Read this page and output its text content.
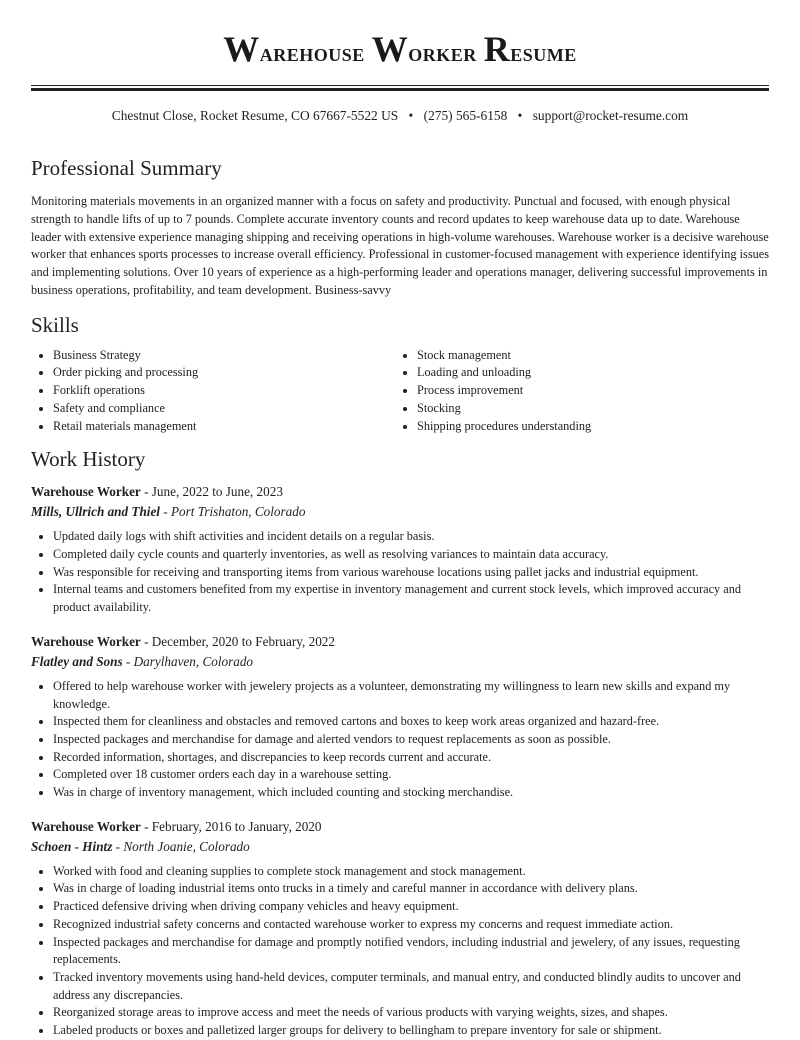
Warehouse Worker Resume
Chestnut Close, Rocket Resume, CO 67667-5522 US • (275) 565-6158 • support@rocket-resume.com
Professional Summary
Monitoring materials movements in an organized manner with a focus on safety and productivity. Punctual and focused, with enough physical strength to handle lifts of up to 7 pounds. Complete accurate inventory counts and record updates to keep warehouse data up to date. Warehouse leader with extensive experience managing shipping and receiving operations in high-volume warehouses. Warehouse worker is a decisive warehouse worker that enhances sports processes to increase overall efficiency. Professional in customer-focused management with experience identifying issues and implementing solutions. Over 10 years of experience as a high-performing leader and operations manager, delivering successful improvements in business operations, profitability, and team development. Business-savvy
Skills
• Business Strategy
• Order picking and processing
• Forklift operations
• Safety and compliance
• Retail materials management
• Stock management
• Loading and unloading
• Process improvement
• Stocking
• Shipping procedures understanding
Work History
Warehouse Worker - June, 2022 to June, 2023
Mills, Ullrich and Thiel - Port Trishaton, Colorado
• Updated daily logs with shift activities and incident details on a regular basis.
• Completed daily cycle counts and quarterly inventories, as well as resolving variances to maintain data accuracy.
• Was responsible for receiving and transporting items from various warehouse locations using pallet jacks and industrial equipment.
• Internal teams and customers benefited from my expertise in inventory management and current stock levels, which improved accuracy and product availability.
Warehouse Worker - December, 2020 to February, 2022
Flatley and Sons - Darylhaven, Colorado
• Offered to help warehouse worker with jewelery projects as a volunteer, demonstrating my willingness to learn new skills and expand my knowledge.
• Inspected them for cleanliness and obstacles and removed cartons and boxes to keep work areas organized and hazard-free.
• Inspected packages and merchandise for damage and alerted vendors to request replacements as soon as possible.
• Recorded information, shortages, and discrepancies to keep records current and accurate.
• Completed over 18 customer orders each day in a warehouse setting.
• Was in charge of inventory management, which included counting and stocking merchandise.
Warehouse Worker - February, 2016 to January, 2020
Schoen - Hintz - North Joanie, Colorado
• Worked with food and cleaning supplies to complete stock management and stock management.
• Was in charge of loading industrial items onto trucks in a timely and careful manner in accordance with delivery plans.
• Practiced defensive driving when driving company vehicles and heavy equipment.
• Recognized industrial safety concerns and contacted warehouse worker to express my concerns and request immediate action.
• Inspected packages and merchandise for damage and promptly notified vendors, including industrial and jewelery, of any issues, requesting replacements.
• Tracked inventory movements using hand-held devices, computer terminals, and manual entry, and conducted blindly audits to uncover and address any discrepancies.
• Reorganized storage areas to improve access and meet the needs of various products with varying weights, sizes, and shapes.
• Labeled products or boxes and palletized larger groups for delivery to bellingham to prepare inventory for sale or shipment.
